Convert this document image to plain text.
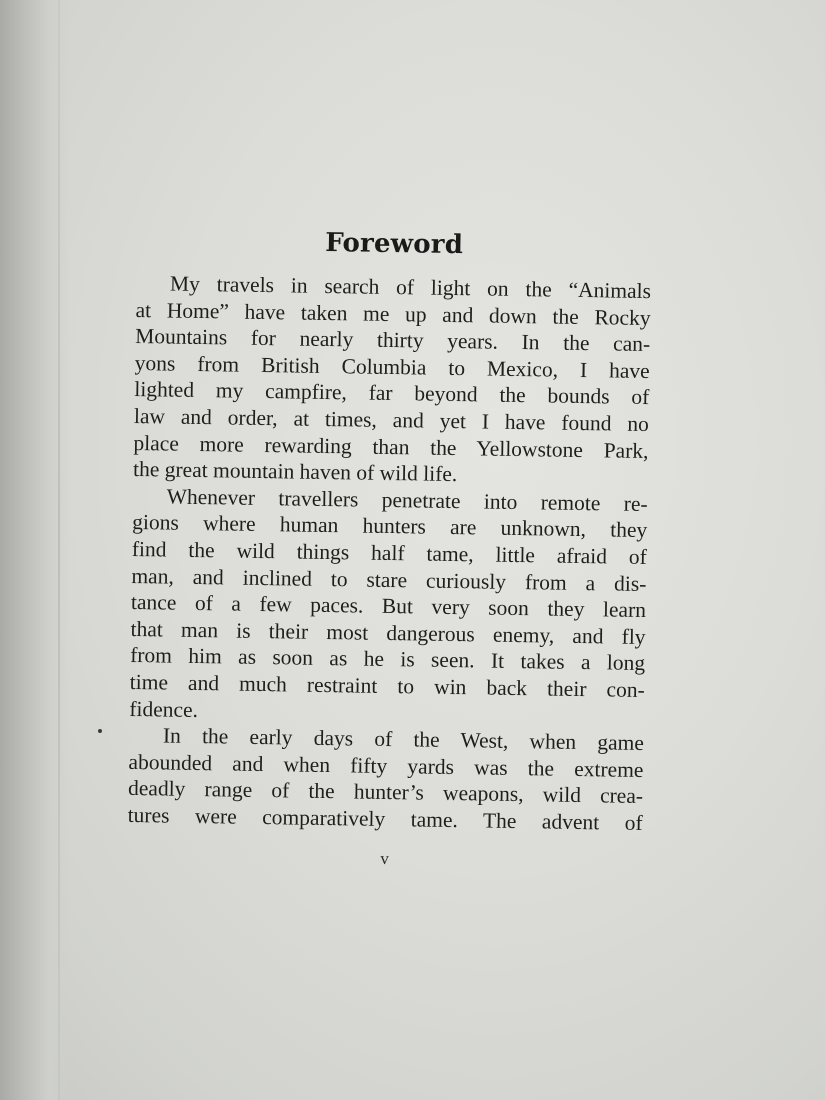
Foreword

My travels in search of light on the “Animals
at Home” have taken me up and down the Rocky
Mountains for nearly thirty years. In the can-
yons from British Columbia to Mexico, I have
lighted my campfire, far beyond the bounds of
law and order, at times, and yet I have found no
place more rewarding than the Yellowstone Park,
the great mountain haven of wild life.

Whenever travellers penetrate into remote re-
gions where human hunters are unknown, they
find the wild things half tame, little afraid of
man, and inclined to stare curiously from a dis-
tance of a few paces. But very soon they learn
that man is their most dangerous enemy, and fly
from him as soon as he is seen. It takes a long
time and much restraint to win back their con-
fidence.

In the early days of the West, when game
abounded and when fifty yards was the extreme
deadly range of the hunter’s weapons, wild crea-
tures were comparatively tame. The advent of

v
